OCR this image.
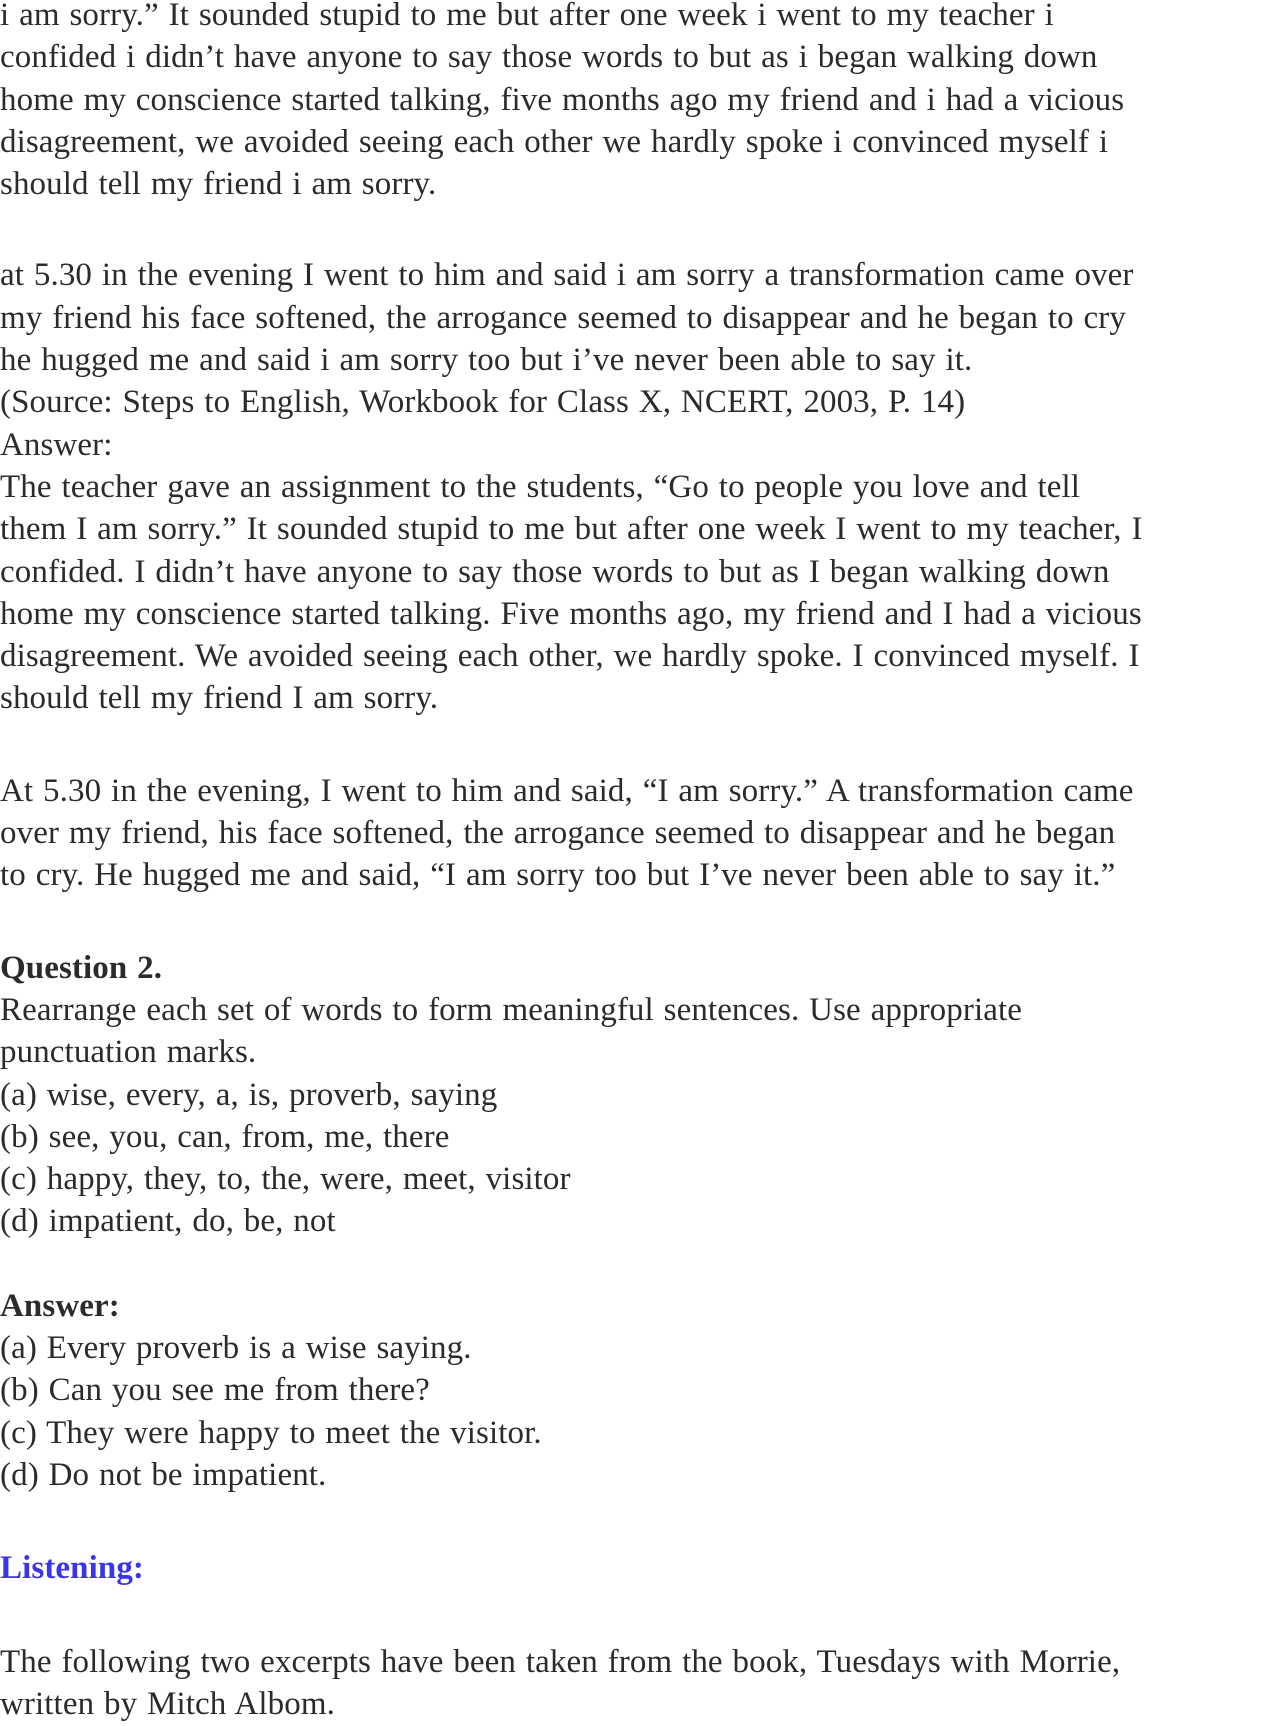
i am sorry.” It sounded stupid to me but after one week i went to my teacher i
confided i didn’t have anyone to say those words to but as i began walking down
home my conscience started talking, five months ago my friend and i had a vicious
disagreement, we avoided seeing each other we hardly spoke i convinced myself i
should tell my friend i am sorry.
at 5.30 in the evening I went to him and said i am sorry a transformation came over
my friend his face softened, the arrogance seemed to disappear and he began to cry
he hugged me and said i am sorry too but i’ve never been able to say it.
(Source: Steps to English, Workbook for Class X, NCERT, 2003, P. 14)
Answer:
The teacher gave an assignment to the students, “Go to people you love and tell
them I am sorry.” It sounded stupid to me but after one week I went to my teacher, I
confided. I didn’t have anyone to say those words to but as I began walking down
home my conscience started talking. Five months ago, my friend and I had a vicious
disagreement. We avoided seeing each other, we hardly spoke. I convinced myself. I
should tell my friend I am sorry.
At 5.30 in the evening, I went to him and said, “I am sorry.” A transformation came
over my friend, his face softened, the arrogance seemed to disappear and he began
to cry. He hugged me and said, “I am sorry too but I’ve never been able to say it.”
Question 2.
Rearrange each set of words to form meaningful sentences. Use appropriate
punctuation marks.
(a) wise, every, a, is, proverb, saying
(b) see, you, can, from, me, there
(c) happy, they, to, the, were, meet, visitor
(d) impatient, do, be, not
Answer:
(a) Every proverb is a wise saying.
(b) Can you see me from there?
(c) They were happy to meet the visitor.
(d) Do not be impatient.
Listening:
The following two excerpts have been taken from the book, Tuesdays with Morrie,
written by Mitch Albom.
